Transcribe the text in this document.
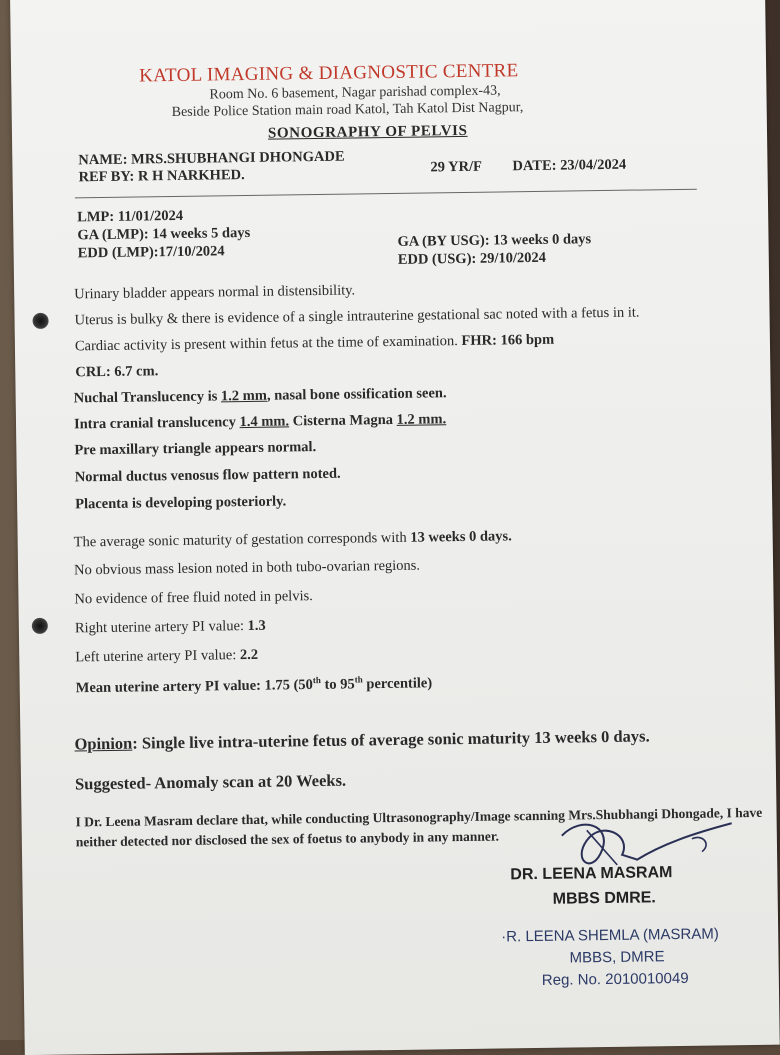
KATOL IMAGING & DIAGNOSTIC CENTRE
Room No. 6 basement, Nagar parishad complex-43,
Beside Police Station main road Katol, Tah Katol Dist Nagpur,
SONOGRAPHY OF PELVIS
NAME: MRS.SHUBHANGI DHONGADE	29 YR/F DATE: 23/04/2024
REF BY: R H NARKHED.
LMP: 11/01/2024
GA (LMP): 14 weeks 5 days
EDD (LMP):17/10/2024
GA (BY USG): 13 weeks 0 days
EDD (USG): 29/10/2024
Urinary bladder appears normal in distensibility.
Uterus is bulky & there is evidence of a single intrauterine gestational sac noted with a fetus in it.
Cardiac activity is present within fetus at the time of examination. FHR: 166 bpm
CRL: 6.7 cm.
Nuchal Translucency is 1.2 mm, nasal bone ossification seen.
Intra cranial translucency 1.4 mm. Cisterna Magna 1.2 mm.
Pre maxillary triangle appears normal.
Normal ductus venosus flow pattern noted.
Placenta is developing posteriorly.
The average sonic maturity of gestation corresponds with 13 weeks 0 days.
No obvious mass lesion noted in both tubo-ovarian regions.
No evidence of free fluid noted in pelvis.
Right uterine artery PI value: 1.3
Left uterine artery PI value: 2.2
Mean uterine artery PI value: 1.75 (50th to 95th percentile)
Opinion: Single live intra-uterine fetus of average sonic maturity 13 weeks 0 days.
Suggested- Anomaly scan at 20 Weeks.
I Dr. Leena Masram declare that, while conducting Ultrasonography/Image scanning Mrs.Shubhangi Dhongade, I have neither detected nor disclosed the sex of foetus to anybody in any manner.
DR. LEENA MASRAM
MBBS DMRE.
·R. LEENA SHEMLA (MASRAM)
MBBS, DMRE
Reg. No. 2010010049
